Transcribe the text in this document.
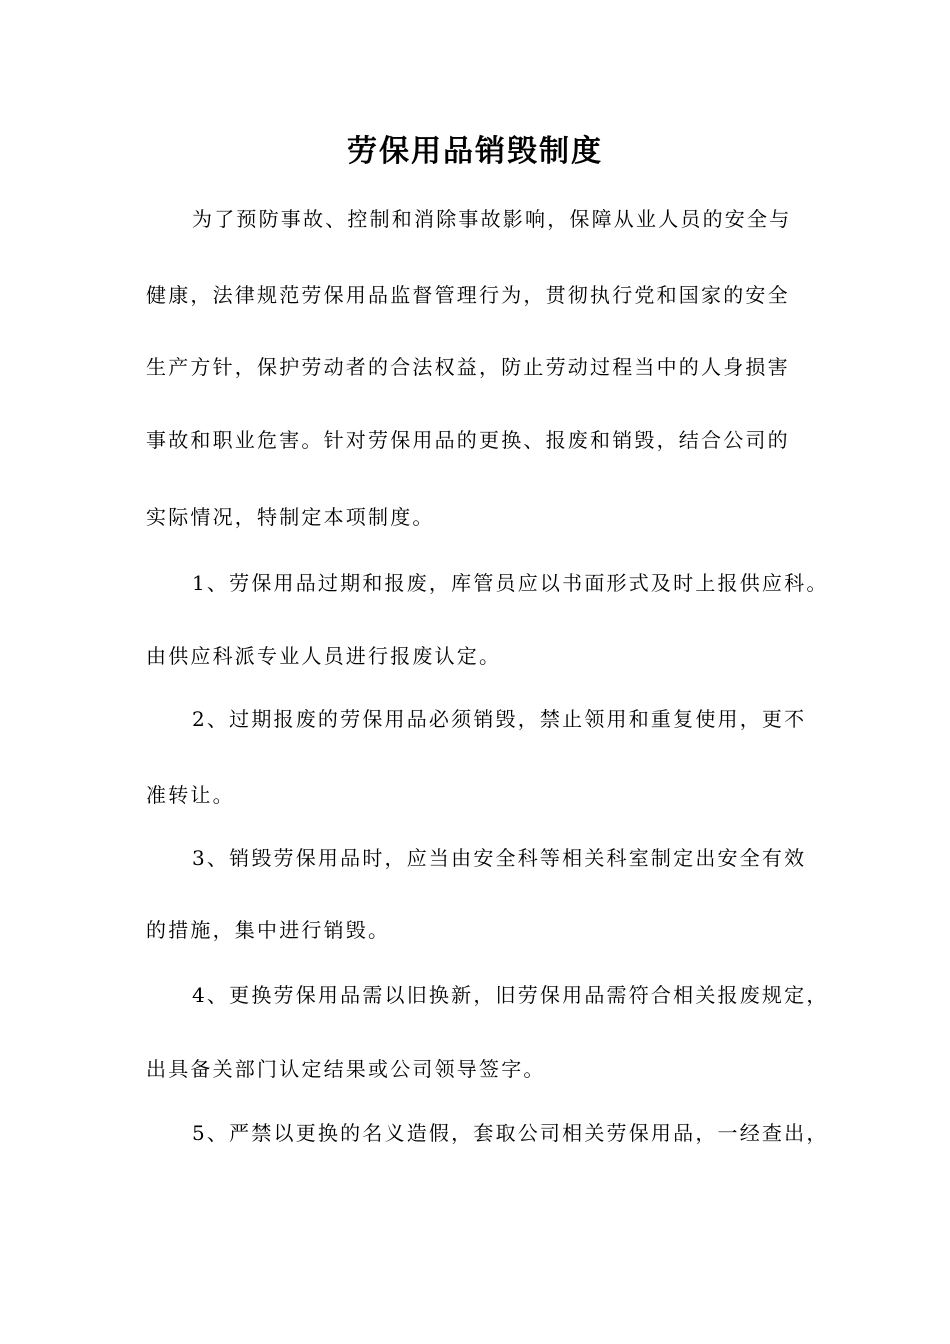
劳保用品销毁制度
为了预防事故、控制和消除事故影响，保障从业人员的安全与
健康，法律规范劳保用品监督管理行为，贯彻执行党和国家的安全
生产方针，保护劳动者的合法权益，防止劳动过程当中的人身损害
事故和职业危害。针对劳保用品的更换、报废和销毁，结合公司的
实际情况，特制定本项制度。
1、劳保用品过期和报废，库管员应以书面形式及时上报供应科。
由供应科派专业人员进行报废认定。
2、过期报废的劳保用品必须销毁，禁止领用和重复使用，更不
准转让。
3、销毁劳保用品时，应当由安全科等相关科室制定出安全有效
的措施，集中进行销毁。
4、更换劳保用品需以旧换新，旧劳保用品需符合相关报废规定，
出具备关部门认定结果或公司领导签字。
5、严禁以更换的名义造假，套取公司相关劳保用品，一经查出，
